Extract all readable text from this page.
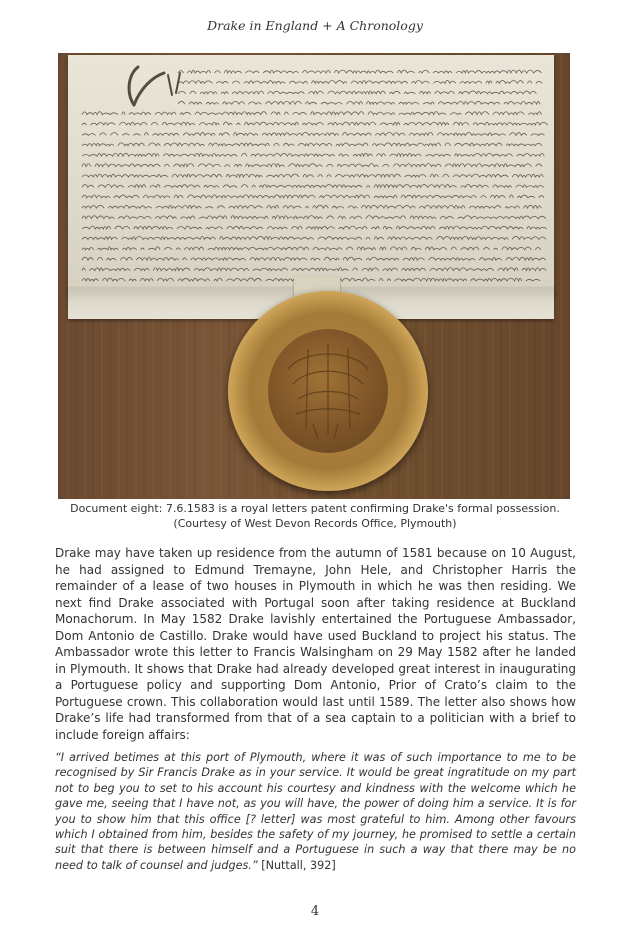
Drake in England + A Chronology
Document eight: 7.6.1583 is a royal letters patent confirming Drake's formal possession.
(Courtesy of West Devon Records Office, Plymouth)

Drake may have taken up residence from the autumn of 1581 because on 10 August, he had assigned to Edmund Tremayne, John Hele, and Christopher Harris the remainder of a lease of two houses in Plymouth in which he was then residing. We next find Drake associated with Portugal soon after taking residence at Buckland Monachorum. In May 1582 Drake lavishly entertained the Portuguese Ambassador, Dom Antonio de Castillo. Drake would have used Buckland to project his status. The Ambassador wrote this letter to Francis Walsingham on 29 May 1582 after he landed in Plymouth. It shows that Drake had already developed great interest in inaugurating a Portuguese policy and supporting Dom Antonio, Prior of Crato’s claim to the Portuguese crown. This collaboration would last until 1589. The letter also shows how Drake’s life had transformed from that of a sea captain to a politician with a brief to include foreign affairs:

“I arrived betimes at this port of Plymouth, where it was of such importance to me to be recognised by Sir Francis Drake as in your service. It would be great ingratitude on my part not to beg you to set to his account his courtesy and kindness with the welcome which he gave me, seeing that I have not, as you will have, the power of doing him a service. It is for you to show him that this office [? letter] was most grateful to him. Among other favours which I obtained from him, besides the safety of my journey, he promised to settle a certain suit that there is between himself and a Portuguese in such a way that there may be no need to talk of counsel and judges.” [Nuttall, 392]

4
